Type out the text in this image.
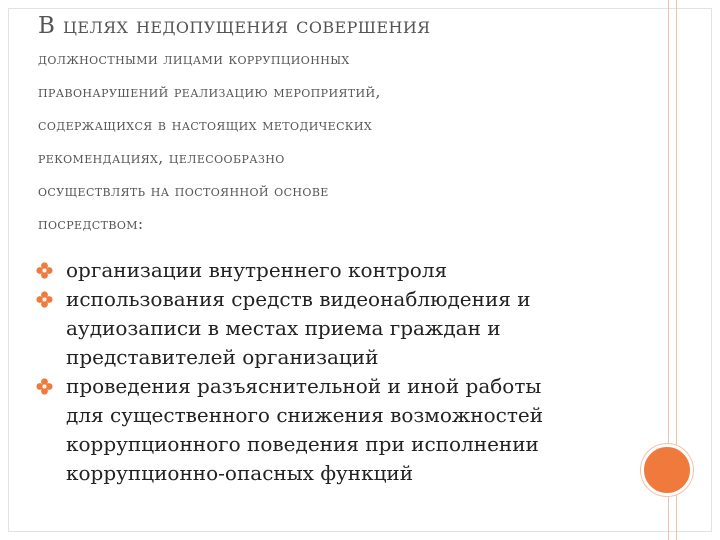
В целях недопущения совершения
должностными лицами коррупционных
правонарушений реализацию мероприятий,
содержащихся в настоящих методических
рекомендациях, целесообразно
осуществлять на постоянной основе
посредством:
организации внутреннего контроля
использования средств видеонаблюдения и
аудиозаписи в местах приема граждан и
представителей организаций
проведения разъяснительной и иной работы
для существенного снижения возможностей
коррупционного поведения при исполнении
коррупционно-опасных функций
